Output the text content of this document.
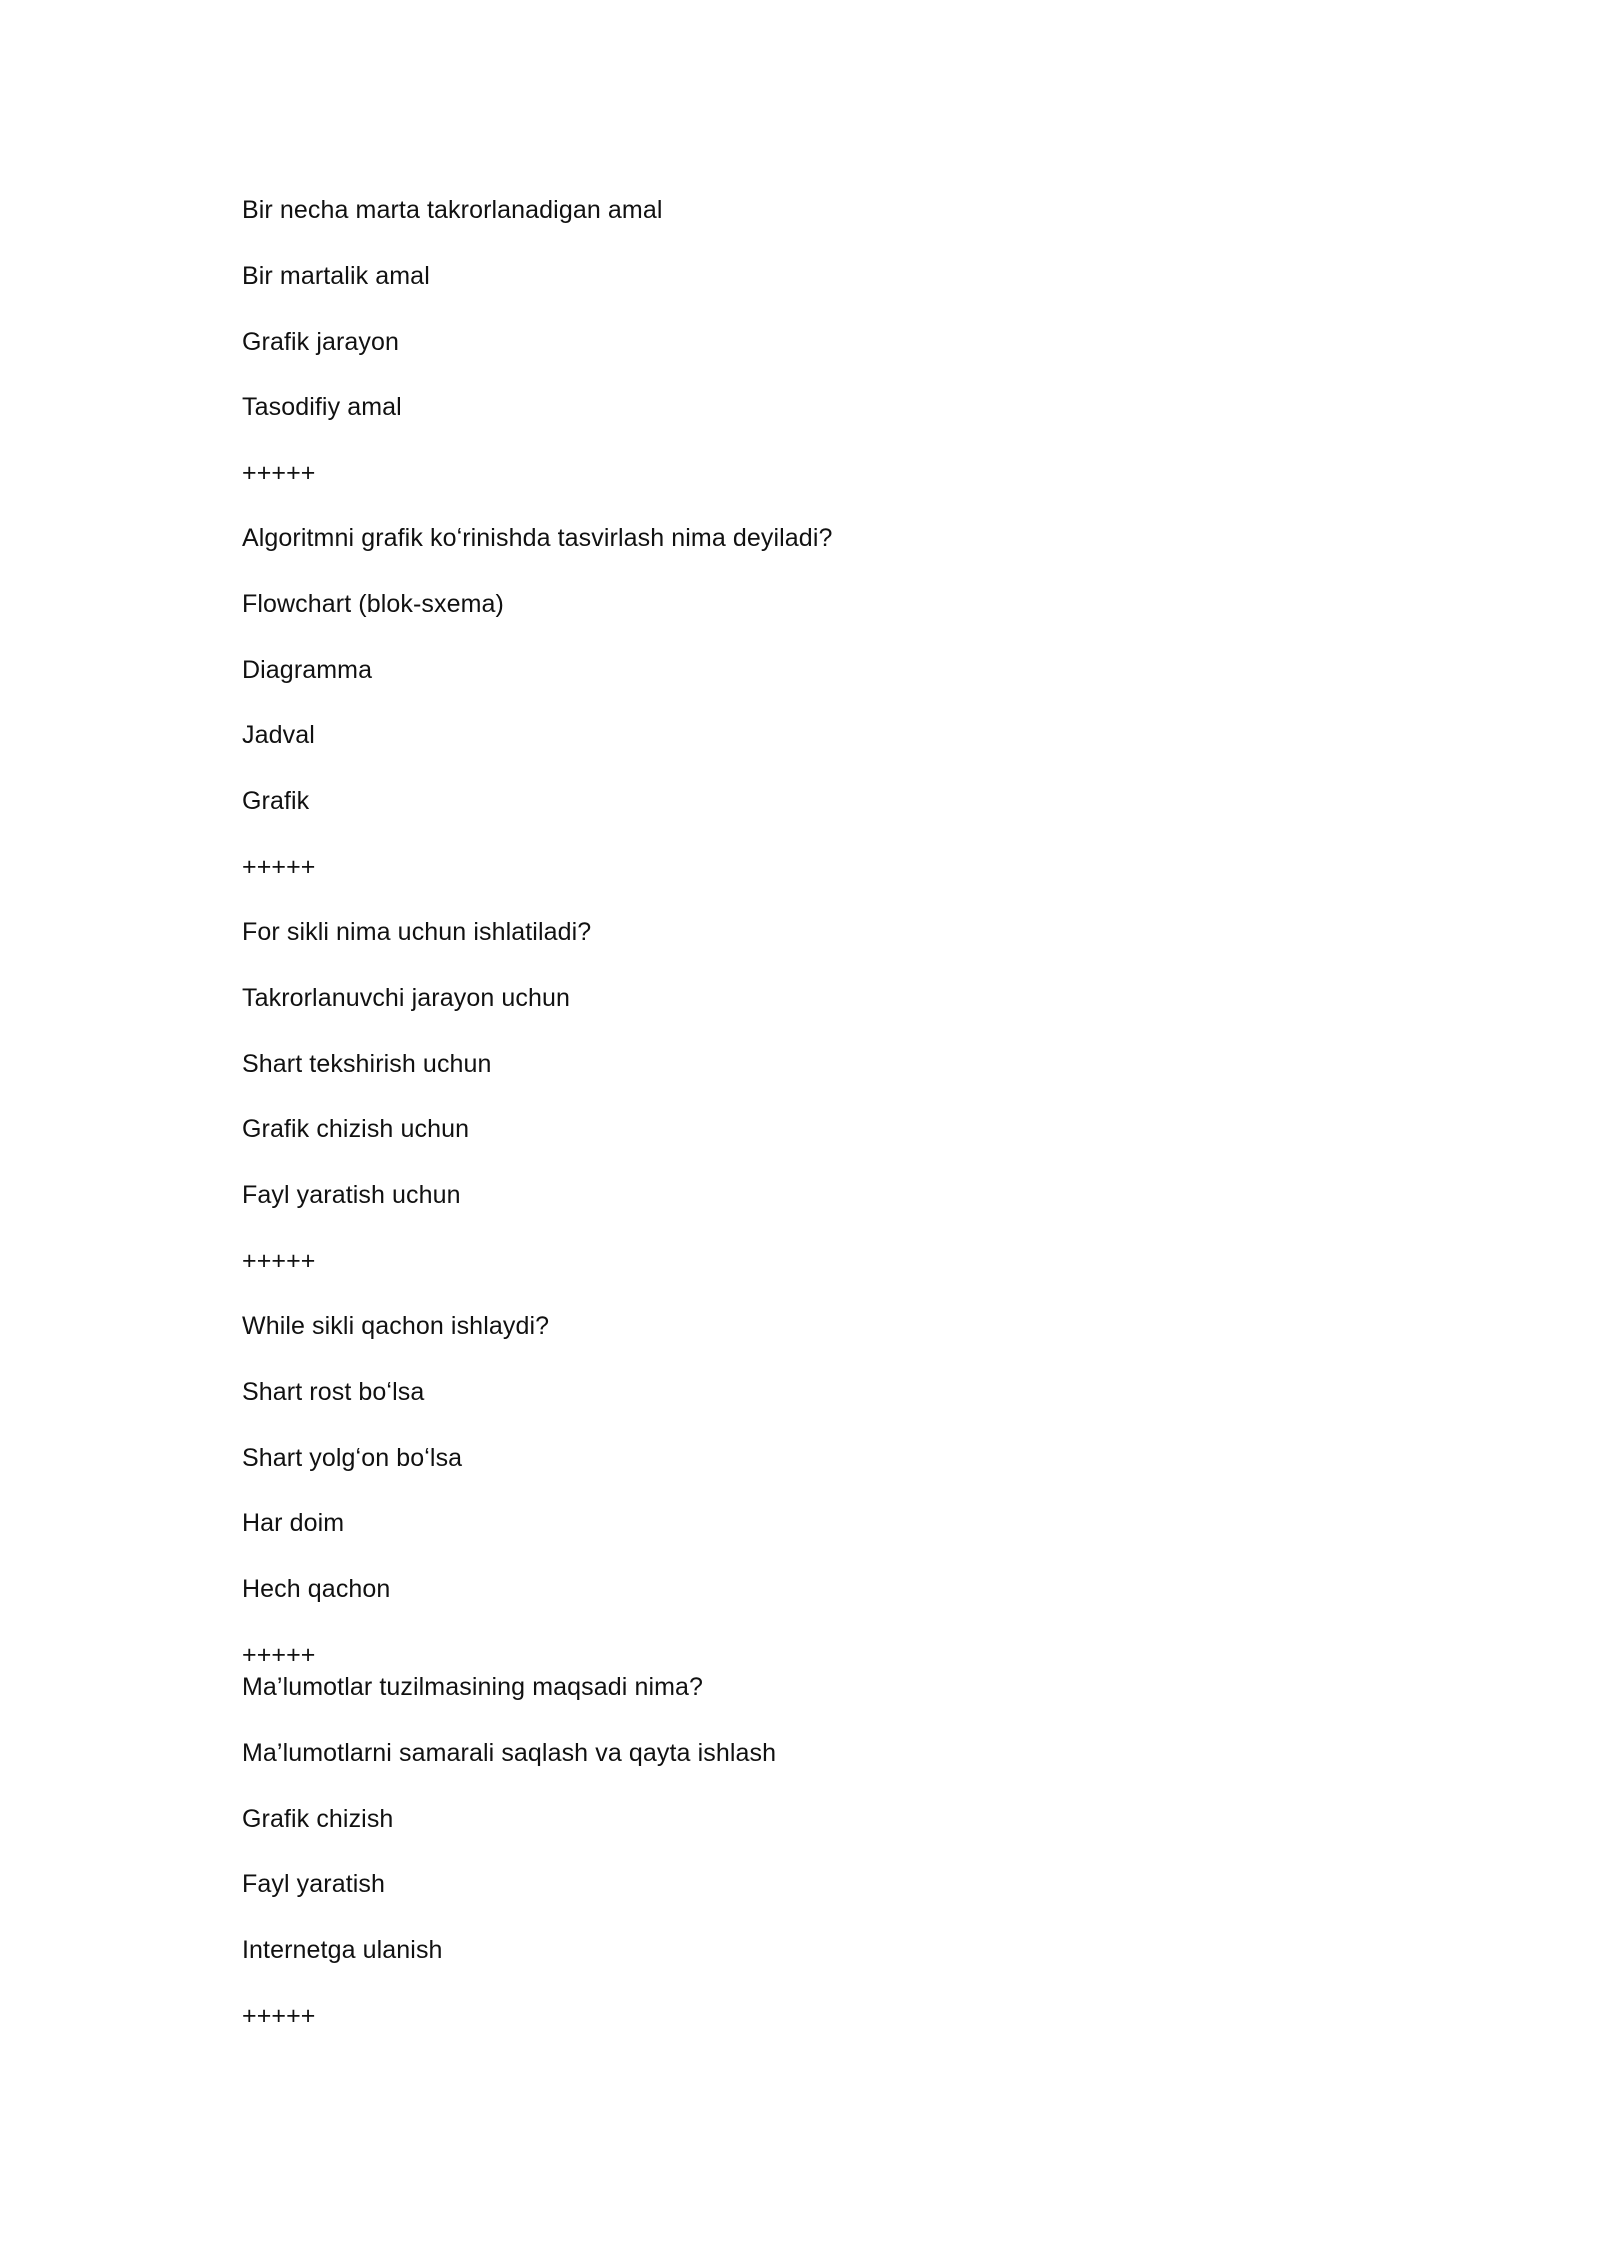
Bir necha marta takrorlanadigan amal
Bir martalik amal
Grafik jarayon
Tasodifiy amal
+++++
Algoritmni grafik koʻrinishda tasvirlash nima deyiladi?
Flowchart (blok-sxema)
Diagramma
Jadval
Grafik
+++++
For sikli nima uchun ishlatiladi?
Takrorlanuvchi jarayon uchun
Shart tekshirish uchun
Grafik chizish uchun
Fayl yaratish uchun
+++++
While sikli qachon ishlaydi?
Shart rost boʻlsa
Shart yolgʻon boʻlsa
Har doim
Hech qachon
+++++
Ma’lumotlar tuzilmasining maqsadi nima?
Ma’lumotlarni samarali saqlash va qayta ishlash
Grafik chizish
Fayl yaratish
Internetga ulanish
+++++
